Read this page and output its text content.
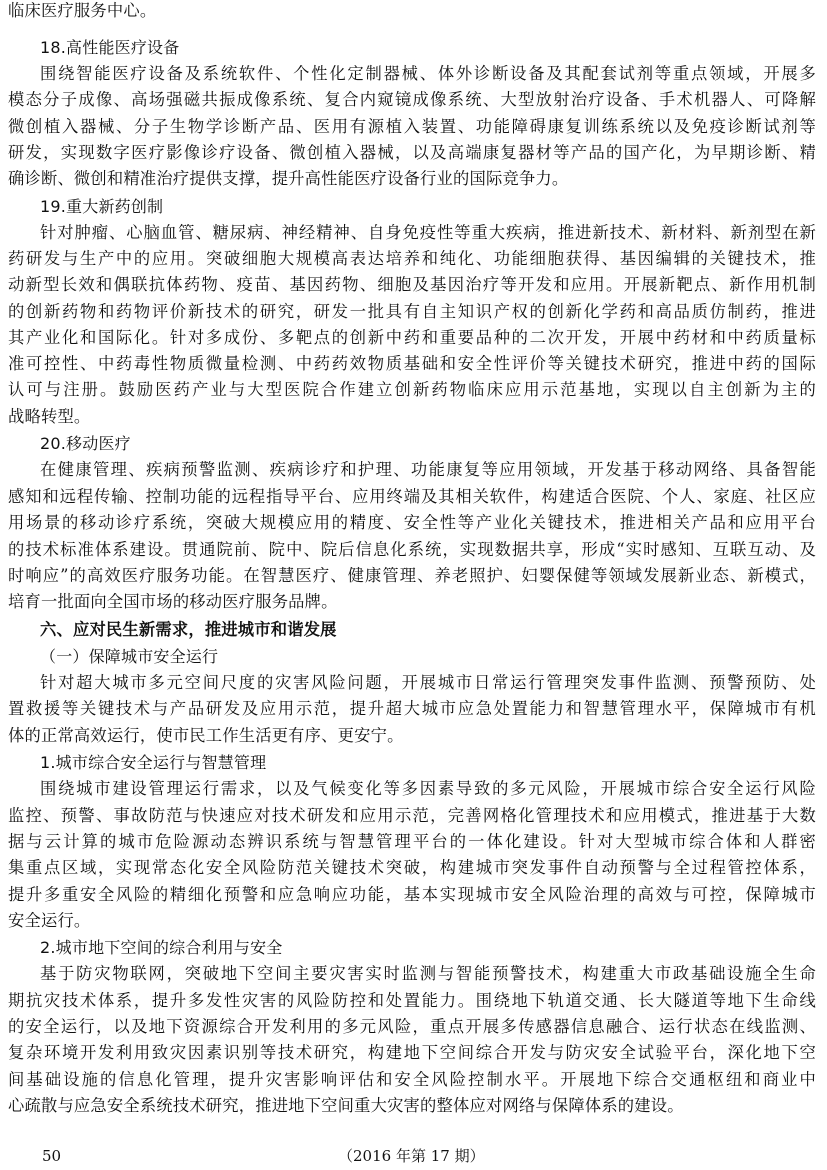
临床医疗服务中心。
18.高性能医疗设备
围绕智能医疗设备及系统软件、个性化定制器械、体外诊断设备及其配套试剂等重点领域，开展多
模态分子成像、高场强磁共振成像系统、复合内窥镜成像系统、大型放射治疗设备、手术机器人、可降解
微创植入器械、分子生物学诊断产品、医用有源植入装置、功能障碍康复训练系统以及免疫诊断试剂等
研发，实现数字医疗影像诊疗设备、微创植入器械，以及高端康复器材等产品的国产化，为早期诊断、精
确诊断、微创和精准治疗提供支撑，提升高性能医疗设备行业的国际竞争力。
19.重大新药创制
针对肿瘤、心脑血管、糖尿病、神经精神、自身免疫性等重大疾病，推进新技术、新材料、新剂型在新
药研发与生产中的应用。突破细胞大规模高表达培养和纯化、功能细胞获得、基因编辑的关键技术，推
动新型长效和偶联抗体药物、疫苗、基因药物、细胞及基因治疗等开发和应用。开展新靶点、新作用机制
的创新药物和药物评价新技术的研究，研发一批具有自主知识产权的创新化学药和高品质仿制药，推进
其产业化和国际化。针对多成份、多靶点的创新中药和重要品种的二次开发，开展中药材和中药质量标
准可控性、中药毒性物质微量检测、中药药效物质基础和安全性评价等关键技术研究，推进中药的国际
认可与注册。鼓励医药产业与大型医院合作建立创新药物临床应用示范基地，实现以自主创新为主的
战略转型。
20.移动医疗
在健康管理、疾病预警监测、疾病诊疗和护理、功能康复等应用领域，开发基于移动网络、具备智能
感知和远程传输、控制功能的远程指导平台、应用终端及其相关软件，构建适合医院、个人、家庭、社区应
用场景的移动诊疗系统，突破大规模应用的精度、安全性等产业化关键技术，推进相关产品和应用平台
的技术标准体系建设。贯通院前、院中、院后信息化系统，实现数据共享，形成“实时感知、互联互动、及
时响应”的高效医疗服务功能。在智慧医疗、健康管理、养老照护、妇婴保健等领域发展新业态、新模式，
培育一批面向全国市场的移动医疗服务品牌。
六、应对民生新需求，推进城市和谐发展
（一）保障城市安全运行
针对超大城市多元空间尺度的灾害风险问题，开展城市日常运行管理突发事件监测、预警预防、处
置救援等关键技术与产品研发及应用示范，提升超大城市应急处置能力和智慧管理水平，保障城市有机
体的正常高效运行，使市民工作生活更有序、更安宁。
1.城市综合安全运行与智慧管理
围绕城市建设管理运行需求，以及气候变化等多因素导致的多元风险，开展城市综合安全运行风险
监控、预警、事故防范与快速应对技术研发和应用示范，完善网格化管理技术和应用模式，推进基于大数
据与云计算的城市危险源动态辨识系统与智慧管理平台的一体化建设。针对大型城市综合体和人群密
集重点区域，实现常态化安全风险防范关键技术突破，构建城市突发事件自动预警与全过程管控体系，
提升多重安全风险的精细化预警和应急响应功能，基本实现城市安全风险治理的高效与可控，保障城市
安全运行。
2.城市地下空间的综合利用与安全
基于防灾物联网，突破地下空间主要灾害实时监测与智能预警技术，构建重大市政基础设施全生命
期抗灾技术体系，提升多发性灾害的风险防控和处置能力。围绕地下轨道交通、长大隧道等地下生命线
的安全运行，以及地下资源综合开发利用的多元风险，重点开展多传感器信息融合、运行状态在线监测、
复杂环境开发利用致灾因素识别等技术研究，构建地下空间综合开发与防灾安全试验平台，深化地下空
间基础设施的信息化管理，提升灾害影响评估和安全风险控制水平。开展地下综合交通枢纽和商业中
心疏散与应急安全系统技术研究，推进地下空间重大灾害的整体应对网络与保障体系的建设。
50	（2016 年第 17 期）
